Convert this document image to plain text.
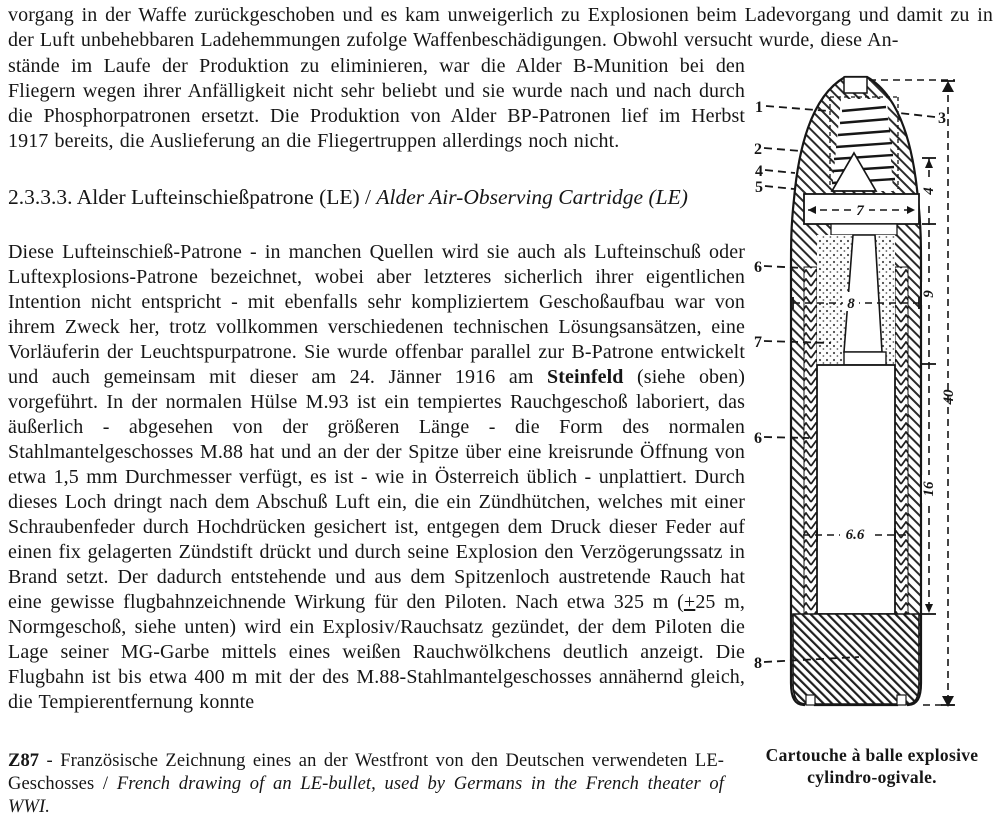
vorgang in der Waffe zurückgeschoben und es kam unweigerlich zu Explosionen beim Ladevorgang und damit zu in der Luft unbehebbaren Ladehemmungen zufolge Waffenbeschädigungen. Obwohl versucht wurde, diese An-
stände im Laufe der Produktion zu eliminieren, war die Alder B-Munition bei den Fliegern wegen ihrer Anfälligkeit nicht sehr beliebt und sie wurde nach und nach durch die Phosphorpatronen ersetzt. Die Produktion von Alder BP-Patronen lief im Herbst 1917 bereits, die Auslieferung an die Fliegertruppen allerdings noch nicht.
2.3.3.3. Alder Lufteinschießpatrone (LE) / Alder Air-Observing Cartridge (LE)
Diese Lufteinschieß-Patrone - in manchen Quellen wird sie auch als Lufteinschuß oder Luftexplosions-Patrone bezeichnet, wobei aber letzteres sicherlich ihrer eigentlichen Intention nicht entspricht - mit ebenfalls sehr kompliziertem Geschoßaufbau war von ihrem Zweck her, trotz vollkommen verschiedenen technischen Lösungsansätzen, eine Vorläuferin der Leuchtspurpatrone. Sie wurde offenbar parallel zur B-Patrone entwickelt und auch gemeinsam mit dieser am 24. Jänner 1916 am Steinfeld (siehe oben) vorgeführt. In der normalen Hülse M.93 ist ein tempiertes Rauchgeschoß laboriert, das äußerlich - abgesehen von der größeren Länge - die Form des normalen Stahlmantelgeschosses M.88 hat und an der der Spitze über eine kreisrunde Öffnung von etwa 1,5 mm Durchmesser verfügt, es ist - wie in Österreich üblich - unplattiert. Durch dieses Loch dringt nach dem Abschuß Luft ein, die ein Zündhütchen, welches mit einer Schraubenfeder durch Hochdrücken gesichert ist, entgegen dem Druck dieser Feder auf einen fix gelagerten Zündstift drückt und durch seine Explosion den Verzögerungssatz in Brand setzt. Der dadurch entstehende und aus dem Spitzenloch austretende Rauch hat eine gewisse flugbahnzeichnende Wirkung für den Piloten. Nach etwa 325 m (+25 m, Normgeschoß, siehe unten) wird ein Explosiv/Rauchsatz gezündet, der dem Piloten die Lage seiner MG-Garbe mittels eines weißen Rauchwölkchens deutlich anzeigt. Die Flugbahn ist bis etwa 400 m mit der des M.88-Stahlmantelgeschosses annähernd gleich, die Tempierentfernung konnte
Z87 - Französische Zeichnung eines an der Westfront von den Deutschen verwendeten LE-Geschosses / French drawing of an LE-bullet, used by Germans in the French theater of WWI.
7
8
6.6
4
9
16
40
1
2
4
5
6
7
6
8
3
Cartouche à balle explosive
cylindro-ogivale.
